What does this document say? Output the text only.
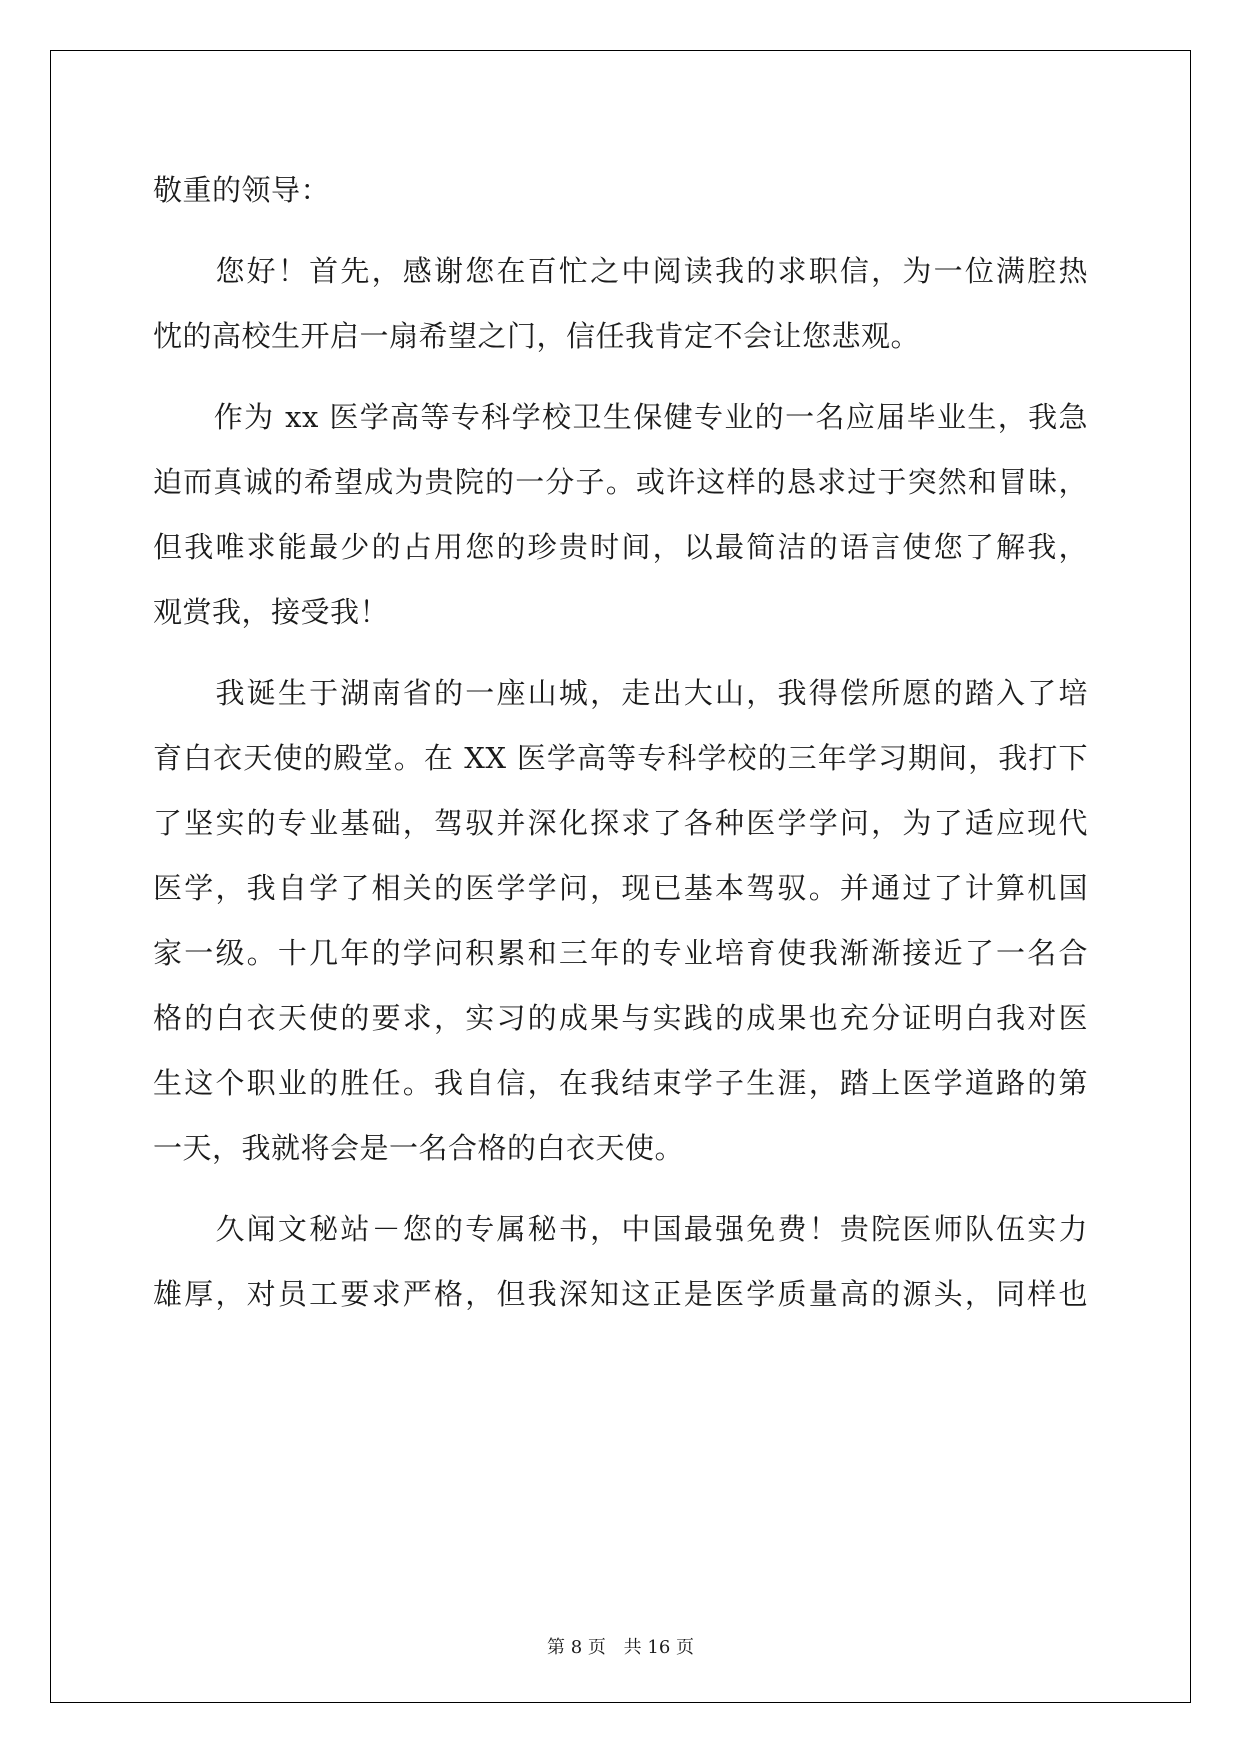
敬重的领导：
　　您好！首先，感谢您在百忙之中阅读我的求职信，为一位满腔热
忱的高校生开启一扇希望之门，信任我肯定不会让您悲观。
　　作为 xx 医学高等专科学校卫生保健专业的一名应届毕业生，我急
迫而真诚的希望成为贵院的一分子。或许这样的恳求过于突然和冒昧，
但我唯求能最少的占用您的珍贵时间，以最简洁的语言使您了解我，
观赏我，接受我！
　　我诞生于湖南省的一座山城，走出大山，我得偿所愿的踏入了培
育白衣天使的殿堂。在 XX 医学高等专科学校的三年学习期间，我打下
了坚实的专业基础，驾驭并深化探求了各种医学学问，为了适应现代
医学，我自学了相关的医学学问，现已基本驾驭。并通过了计算机国
家一级。十几年的学问积累和三年的专业培育使我渐渐接近了一名合
格的白衣天使的要求，实习的成果与实践的成果也充分证明白我对医
生这个职业的胜任。我自信，在我结束学子生涯，踏上医学道路的第
一天，我就将会是一名合格的白衣天使。
　　久闻文秘站－您的专属秘书，中国最强免费！贵院医师队伍实力
雄厚，对员工要求严格，但我深知这正是医学质量高的源头，同样也
第 8 页 共 16 页
